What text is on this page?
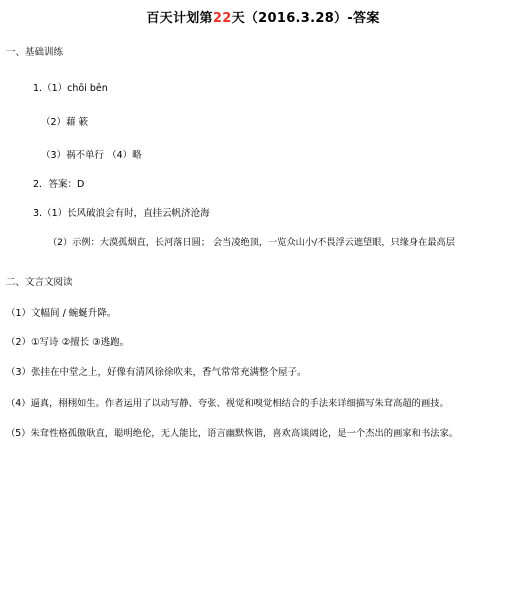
百天计划第22天（2016.3.28）-答案
一、基础训练
1.（1）chōi bēn
（2）藉 簌
（3）祸不单行 （4）略
2．答案：D
3.（1）长风破浪会有时，直挂云帆济沧海
（2）示例：大漠孤烟直，长河落日圆； 会当凌绝顶，一览众山小/不畏浮云遮望眼，只缘身在最高层
二、文言文阅读
（1）文幅间 / 蜿蜒升降。
（2）①写诗 ②擅长 ③逃跑。
（3）张挂在中堂之上，好像有清风徐徐吹来，香气常常充满整个屋子。
（4）逼真，栩栩如生。作者运用了以动写静、夸张、视觉和嗅觉相结合的手法来详细描写朱耷高超的画技。
（5）朱耷性格孤傲耿直，聪明绝伦，无人能比，语言幽默恢谐，喜欢高谈阔论，是一个杰出的画家和书法家。
